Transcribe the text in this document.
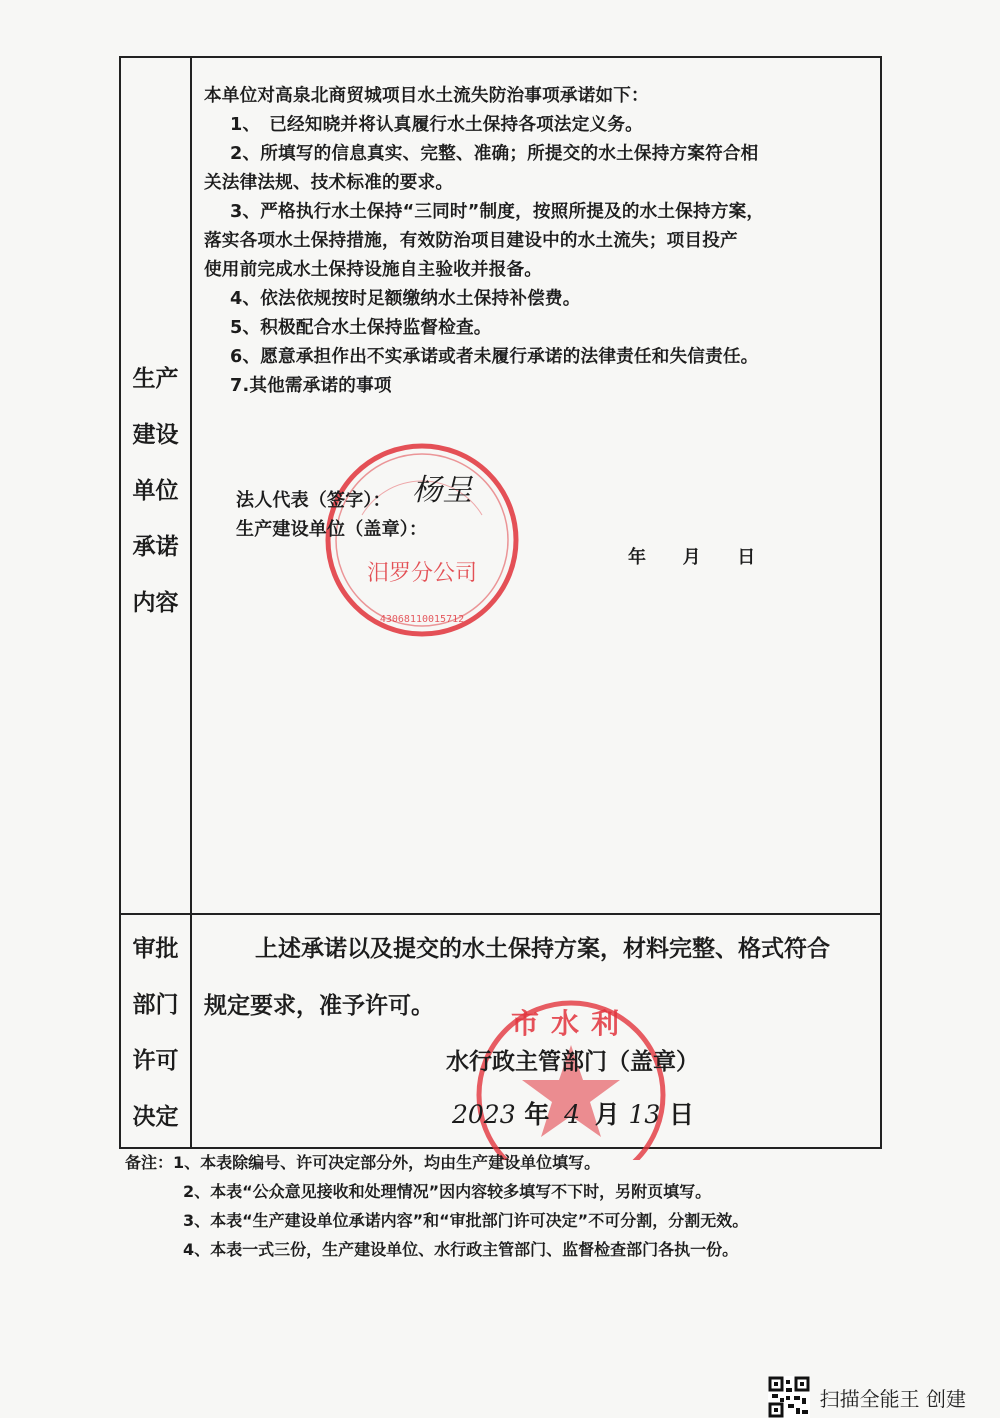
生产
建设
单位
承诺
内容
本单位对高泉北商贸城项目水土流失防治事项承诺如下：
1、　已经知晓并将认真履行水土保持各项法定义务。
2、所填写的信息真实、完整、准确；所提交的水土保持方案符合相
关法律法规、技术标准的要求。
3、严格执行水土保持“三同时”制度，按照所提及的水土保持方案，
落实各项水土保持措施，有效防治项目建设中的水土流失；项目投产
使用前完成水土保持设施自主验收并报备。
4、依法依规按时足额缴纳水土保持补偿费。
5、积极配合水土保持监督检查。
6、愿意承担作出不实承诺或者未履行承诺的法律责任和失信责任。
7.其他需承诺的事项
汨罗分公司
430681100157​12
法人代表（签字）： 杨呈
生产建设单位（盖章）：
年　　月　　日
审批
部门
许可
决定
市水利
上述承诺以及提交的水土保持方案，材料完整、格式符合
规定要求，准予许可。
水行政主管部门（盖章）
2023 年 4 月 13 日
备注：1、本表除编号、许可决定部分外，均由生产建设单位填写。
2、本表“公众意见接收和处理情况”因内容较多填写不下时，另附页填写。
3、本表“生产建设单位承诺内容”和“审批部门许可决定”不可分割，分割无效。
4、本表一式三份，生产建设单位、水行政主管部门、监督检查部门各执一份。
扫描全能王 创建
